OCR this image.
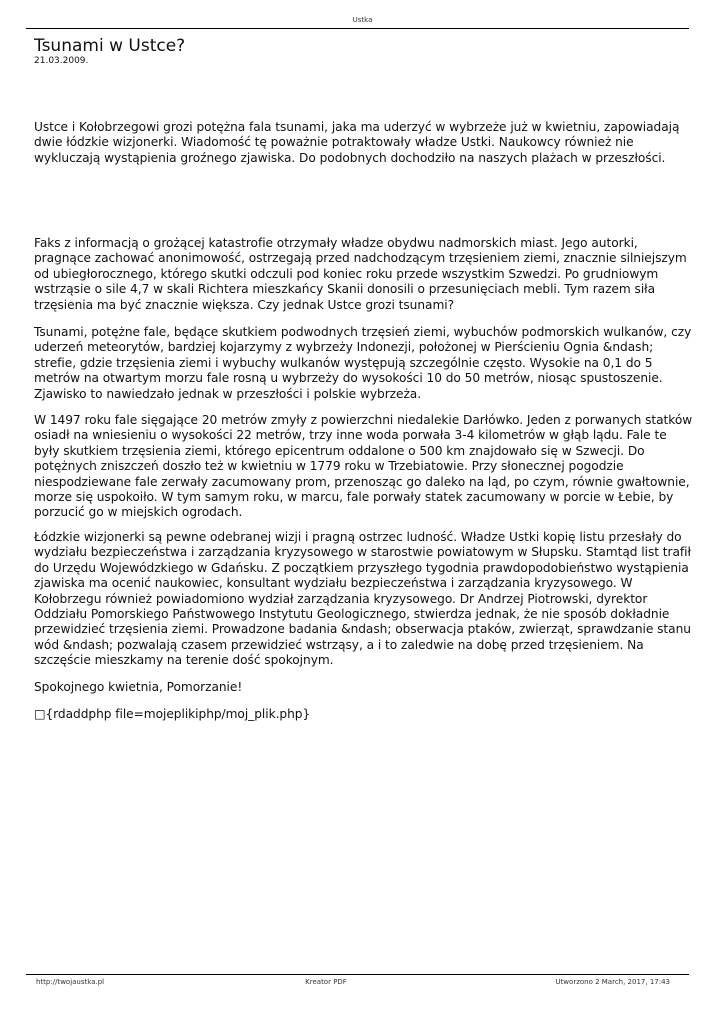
Ustka
Tsunami w Ustce?
21.03.2009.

Ustce i Kołobrzegowi grozi potężna fala tsunami, jaka ma uderzyć w wybrzeże już w kwietniu, zapowiadają dwie łódzkie wizjonerki. Wiadomość tę poważnie potraktowały władze Ustki. Naukowcy również nie wykluczają wystąpienia groźnego zjawiska. Do podobnych dochodziło na naszych plażach w przeszłości.

Faks z informacją o grożącej katastrofie otrzymały władze obydwu nadmorskich miast. Jego autorki, pragnące zachować anonimowość, ostrzegają przed nadchodzącym trzęsieniem ziemi, znacznie silniejszym od ubiegłorocznego, którego skutki odczuli pod koniec roku przede wszystkim Szwedzi. Po grudniowym wstrząsie o sile 4,7 w skali Richtera mieszkańcy Skanii donosili o przesunięciach mebli. Tym razem siła trzęsienia ma być znacznie większa. Czy jednak Ustce grozi tsunami?

Tsunami, potężne fale, będące skutkiem podwodnych trzęsień ziemi, wybuchów podmorskich wulkanów, czy uderzeń meteorytów, bardziej kojarzymy z wybrzeży Indonezji, położonej w Pierścieniu Ognia &ndash; strefie, gdzie trzęsienia ziemi i wybuchy wulkanów występują szczególnie często. Wysokie na 0,1 do 5 metrów na otwartym morzu fale rosną u wybrzeży do wysokości 10 do 50 metrów, niosąc spustoszenie. Zjawisko to nawiedzało jednak w przeszłości i polskie wybrzeża.

W 1497 roku fale sięgające 20 metrów zmyły z powierzchni niedalekie Darłówko. Jeden z porwanych statków osiadł na wniesieniu o wysokości 22 metrów, trzy inne woda porwała 3-4 kilometrów w głąb lądu. Fale te były skutkiem trzęsienia ziemi, którego epicentrum oddalone o 500 km znajdowało się w Szwecji. Do potężnych zniszczeń doszło też w kwietniu w 1779 roku w Trzebiatowie. Przy słonecznej pogodzie niespodziewane fale zerwały zacumowany prom, przenosząc go daleko na ląd, po czym, równie gwałtownie, morze się uspokoiło. W tym samym roku, w marcu, fale porwały statek zacumowany w porcie w Łebie, by porzucić go w miejskich ogrodach.

Łódzkie wizjonerki są pewne odebranej wizji i pragną ostrzec ludność. Władze Ustki kopię listu przesłały do wydziału bezpieczeństwa i zarządzania kryzysowego w starostwie powiatowym w Słupsku. Stamtąd list trafił do Urzędu Wojewódzkiego w Gdańsku. Z początkiem przyszłego tygodnia prawdopodobieństwo wystąpienia zjawiska ma ocenić naukowiec, konsultant wydziału bezpieczeństwa i zarządzania kryzysowego. W Kołobrzegu również powiadomiono wydział zarządzania kryzysowego. Dr Andrzej Piotrowski, dyrektor Oddziału Pomorskiego Państwowego Instytutu Geologicznego, stwierdza jednak, że nie sposób dokładnie przewidzieć trzęsienia ziemi. Prowadzone badania &ndash; obserwacja ptaków, zwierząt, sprawdzanie stanu wód &ndash; pozwalają czasem przewidzieć wstrząsy, a i to zaledwie na dobę przed trzęsieniem. Na szczęście mieszkamy na terenie dość spokojnym.

Spokojnego kwietnia, Pomorzanie!

□{rdaddphp file=mojeplikiphp/moj_plik.php}

http://twojaustka.pl	Kreator PDF	Utworzono 2 March, 2017, 17:43
